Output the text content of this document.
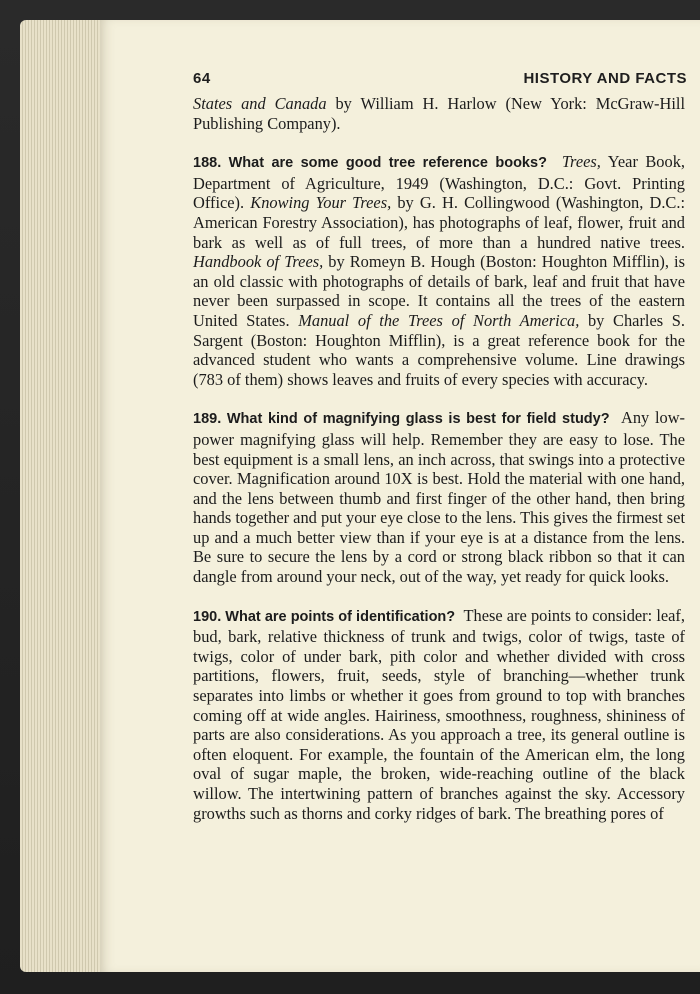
64	HISTORY AND FACTS

States and Canada by William H. Harlow (New York: McGraw-Hill Publishing Company).

188. What are some good tree reference books? Trees, Year Book, Department of Agriculture, 1949 (Washington, D.C.: Govt. Printing Office). Knowing Your Trees, by G. H. Collingwood (Washington, D.C.: American Forestry Association), has photographs of leaf, flower, fruit and bark as well as of full trees, of more than a hundred native trees. Handbook of Trees, by Romeyn B. Hough (Boston: Houghton Mifflin), is an old classic with photographs of details of bark, leaf and fruit that have never been surpassed in scope. It contains all the trees of the eastern United States. Manual of the Trees of North America, by Charles S. Sargent (Boston: Houghton Mifflin), is a great reference book for the advanced student who wants a comprehensive volume. Line drawings (783 of them) shows leaves and fruits of every species with accuracy.

189. What kind of magnifying glass is best for field study? Any low-power magnifying glass will help. Remember they are easy to lose. The best equipment is a small lens, an inch across, that swings into a protective cover. Magnification around 10X is best. Hold the material with one hand, and the lens between thumb and first finger of the other hand, then bring hands together and put your eye close to the lens. This gives the firmest set up and a much better view than if your eye is at a distance from the lens. Be sure to secure the lens by a cord or strong black ribbon so that it can dangle from around your neck, out of the way, yet ready for quick looks.

190. What are points of identification? These are points to consider: leaf, bud, bark, relative thickness of trunk and twigs, color of twigs, taste of twigs, color of under bark, pith color and whether divided with cross partitions, flowers, fruit, seeds, style of branching—whether trunk separates into limbs or whether it goes from ground to top with branches coming off at wide angles. Hairiness, smoothness, roughness, shininess of parts are also considerations. As you approach a tree, its general outline is often eloquent. For example, the fountain of the American elm, the long oval of sugar maple, the broken, wide-reaching outline of the black willow. The intertwining pattern of branches against the sky. Accessory growths such as thorns and corky ridges of bark. The breathing pores of
